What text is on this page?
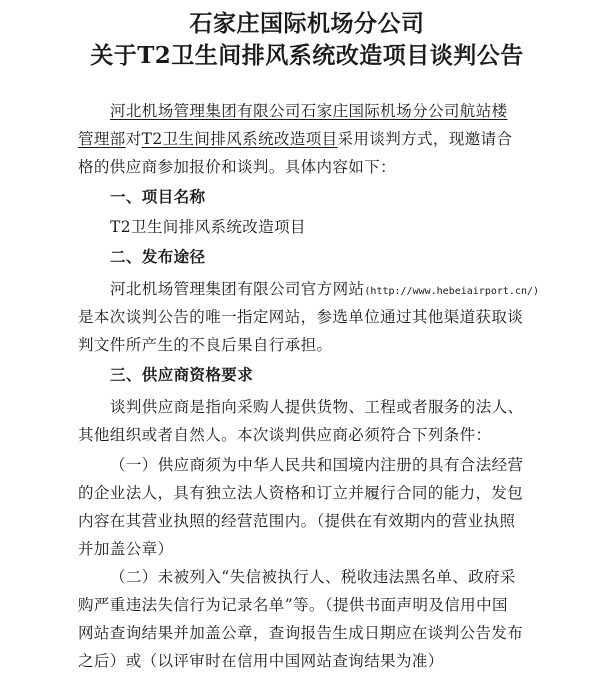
石家庄国际机场分公司
关于T2卫生间排风系统改造项目谈判公告
河北机场管理集团有限公司石家庄国际机场分公司航站楼
管理部对T2卫生间排风系统改造项目采用谈判方式，现邀请合
格的供应商参加报价和谈判。具体内容如下：
一、项目名称
T2卫生间排风系统改造项目
二、发布途径
河北机场管理集团有限公司官方网站(http://www.hebeiairport.cn/)
是本次谈判公告的唯一指定网站，参选单位通过其他渠道获取谈
判文件所产生的不良后果自行承担。
三、供应商资格要求
谈判供应商是指向采购人提供货物、工程或者服务的法人、
其他组织或者自然人。本次谈判供应商必须符合下列条件：
（一）供应商须为中华人民共和国境内注册的具有合法经营
的企业法人，具有独立法人资格和订立并履行合同的能力，发包
内容在其营业执照的经营范围内。（提供在有效期内的营业执照
并加盖公章）
（二）未被列入“失信被执行人、税收违法黑名单、政府采
购严重违法失信行为记录名单”等。（提供书面声明及信用中国
网站查询结果并加盖公章，查询报告生成日期应在谈判公告发布
之后）或（以评审时在信用中国网站查询结果为准）
